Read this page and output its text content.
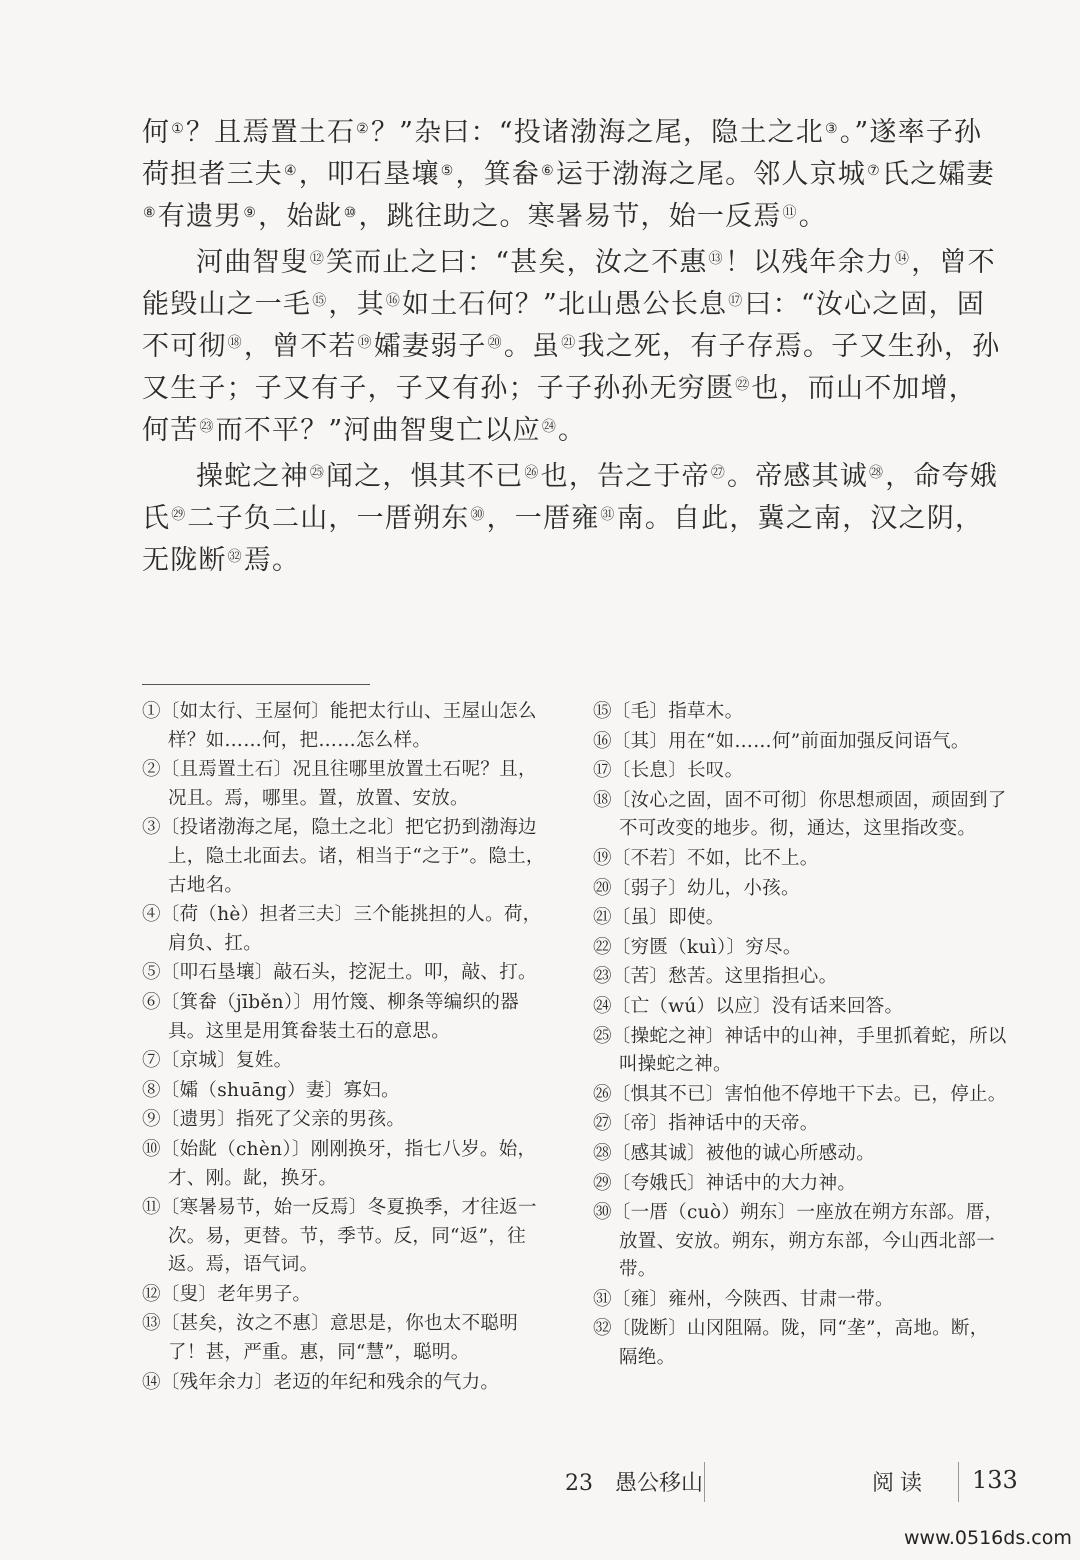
何①？且焉置土石②？”杂曰：“投诸渤海之尾，隐土之北③。”遂率子孙荷担者三夫④，叩石垦壤⑤，箕畚⑥运于渤海之尾。邻人京城⑦氏之孀妻⑧有遗男⑨，始龀⑩，跳往助之。寒暑易节，始一反焉⑪。

河曲智叟⑫笑而止之曰：“甚矣，汝之不惠⑬！以残年余力⑭，曾不能毁山之一毛⑮，其⑯如土石何？”北山愚公长息⑰曰：“汝心之固，固不可彻⑱，曾不若⑲孀妻弱子⑳。虽$^㉑$我之死，有子存焉。子又生孙，孙又生子；子又有子，子又有孙；子子孙孙无穷匮$^㉒$也，而山不加增，何苦$^㉓$而不平？”河曲智叟亡以应$^㉔$。

操蛇之神$^㉕$闻之，惧其不已$^㉖$也，告之于帝$^㉗$。帝感其诚$^㉘$，命夸娥氏$^㉙$二子负二山，一厝朔东$^㉚$，一厝雍$^㉛$南。自此，冀之南，汉之阴，无陇断$^㉜$焉。

①〔如太行、王屋何〕能把太行山、王屋山怎么样？如……何，把……怎么样。
②〔且焉置土石〕况且往哪里放置土石呢？且，况且。焉，哪里。置，放置、安放。
③〔投诸渤海之尾，隐土之北〕把它扔到渤海边上，隐土北面去。诸，相当于“之于”。隐土，古地名。
④〔荷（hè）担者三夫〕三个能挑担的人。荷，肩负、扛。
⑤〔叩石垦壤〕敲石头，挖泥土。叩，敲、打。
⑥〔箕畚（jīběn）〕用竹篾、柳条等编织的器具。这里是用箕畚装土石的意思。
⑦〔京城〕复姓。
⑧〔孀（shuāng）妻〕寡妇。
⑨〔遗男〕指死了父亲的男孩。
⑩〔始龀（chèn）〕刚刚换牙，指七八岁。始，才、刚。龀，换牙。
⑪〔寒暑易节，始一反焉〕冬夏换季，才往返一次。易，更替。节，季节。反，同“返”，往返。焉，语气词。
⑫〔叟〕老年男子。
⑬〔甚矣，汝之不惠〕意思是，你也太不聪明了！甚，严重。惠，同“慧”，聪明。
⑭〔残年余力〕老迈的年纪和残余的气力。
⑮〔毛〕指草木。
⑯〔其〕用在“如……何”前面加强反问语气。
⑰〔长息〕长叹。
⑱〔汝心之固，固不可彻〕你思想顽固，顽固到了不可改变的地步。彻，通达，这里指改变。
⑲〔不若〕不如，比不上。
⑳〔弱子〕幼儿，小孩。
㉑〔虽〕即使。
㉒〔穷匮（kuì）〕穷尽。
㉓〔苦〕愁苦。这里指担心。
㉔〔亡（wú）以应〕没有话来回答。
㉕〔操蛇之神〕神话中的山神，手里抓着蛇，所以叫操蛇之神。
㉖〔惧其不已〕害怕他不停地干下去。已，停止。
㉗〔帝〕指神话中的天帝。
㉘〔感其诚〕被他的诚心所感动。
㉙〔夸娥氏〕神话中的大力神。
㉚〔一厝（cuò）朔东〕一座放在朔方东部。厝，放置、安放。朔东，朔方东部，今山西北部一带。
㉛〔雍〕雍州，今陕西、甘肃一带。
㉜〔陇断〕山冈阻隔。陇，同“垄”，高地。断，隔绝。
23　愚公移山	阅读 133
www.0516ds.com
